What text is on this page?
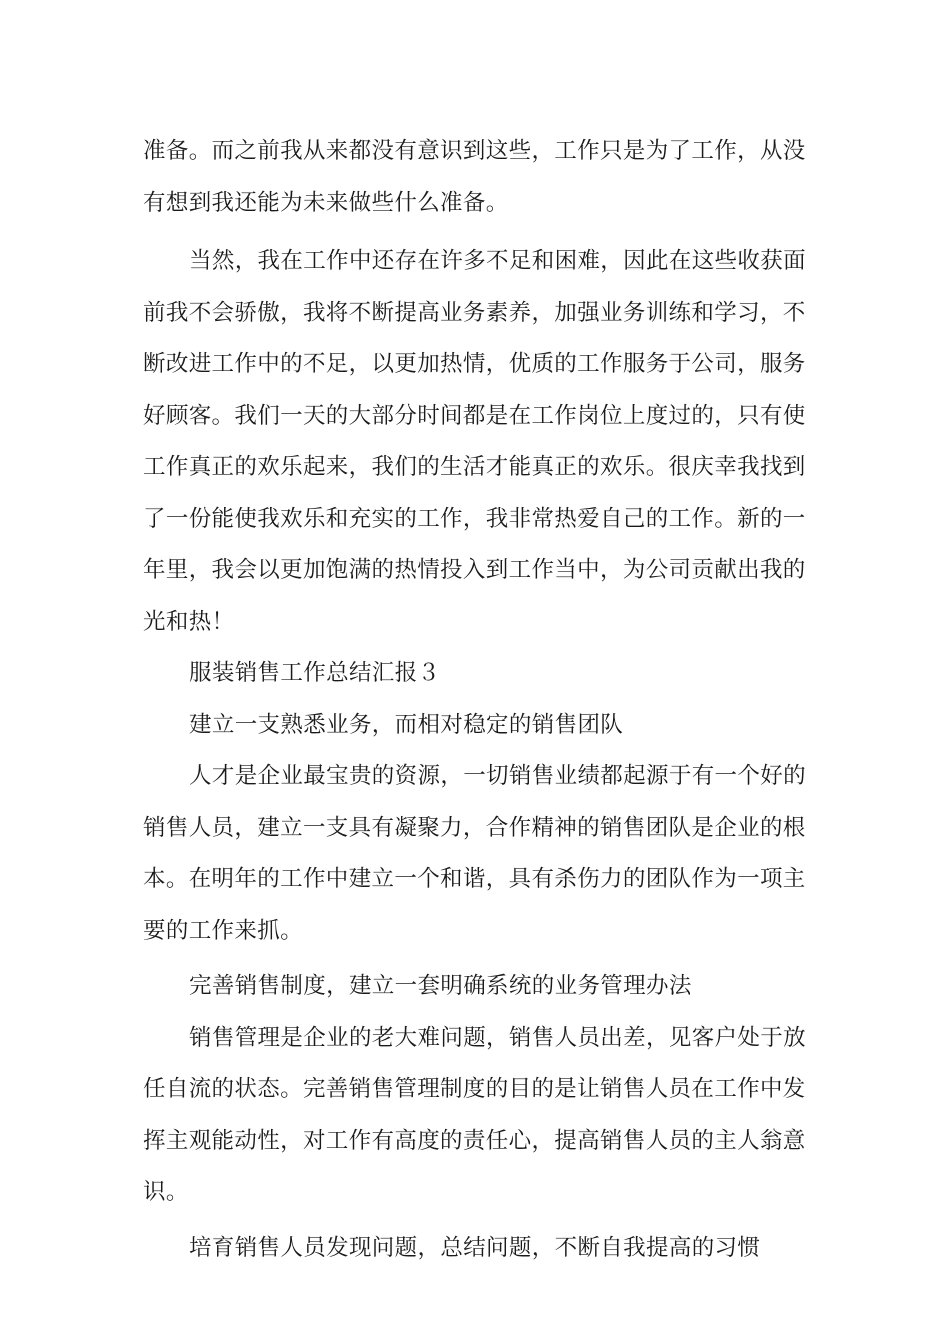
准备。而之前我从来都没有意识到这些，工作只是为了工作，从没
有想到我还能为未来做些什么准备。
当然，我在工作中还存在许多不足和困难，因此在这些收获面
前我不会骄傲，我将不断提高业务素养，加强业务训练和学习，不
断改进工作中的不足，以更加热情，优质的工作服务于公司，服务
好顾客。我们一天的大部分时间都是在工作岗位上度过的，只有使
工作真正的欢乐起来，我们的生活才能真正的欢乐。很庆幸我找到
了一份能使我欢乐和充实的工作，我非常热爱自己的工作。新的一
年里，我会以更加饱满的热情投入到工作当中，为公司贡献出我的
光和热！
服装销售工作总结汇报３
建立一支熟悉业务，而相对稳定的销售团队
人才是企业最宝贵的资源，一切销售业绩都起源于有一个好的
销售人员，建立一支具有凝聚力，合作精神的销售团队是企业的根
本。在明年的工作中建立一个和谐，具有杀伤力的团队作为一项主
要的工作来抓。
完善销售制度，建立一套明确系统的业务管理办法
销售管理是企业的老大难问题，销售人员出差，见客户处于放
任自流的状态。完善销售管理制度的目的是让销售人员在工作中发
挥主观能动性，对工作有高度的责任心，提高销售人员的主人翁意
识。
培育销售人员发现问题，总结问题，不断自我提高的习惯
